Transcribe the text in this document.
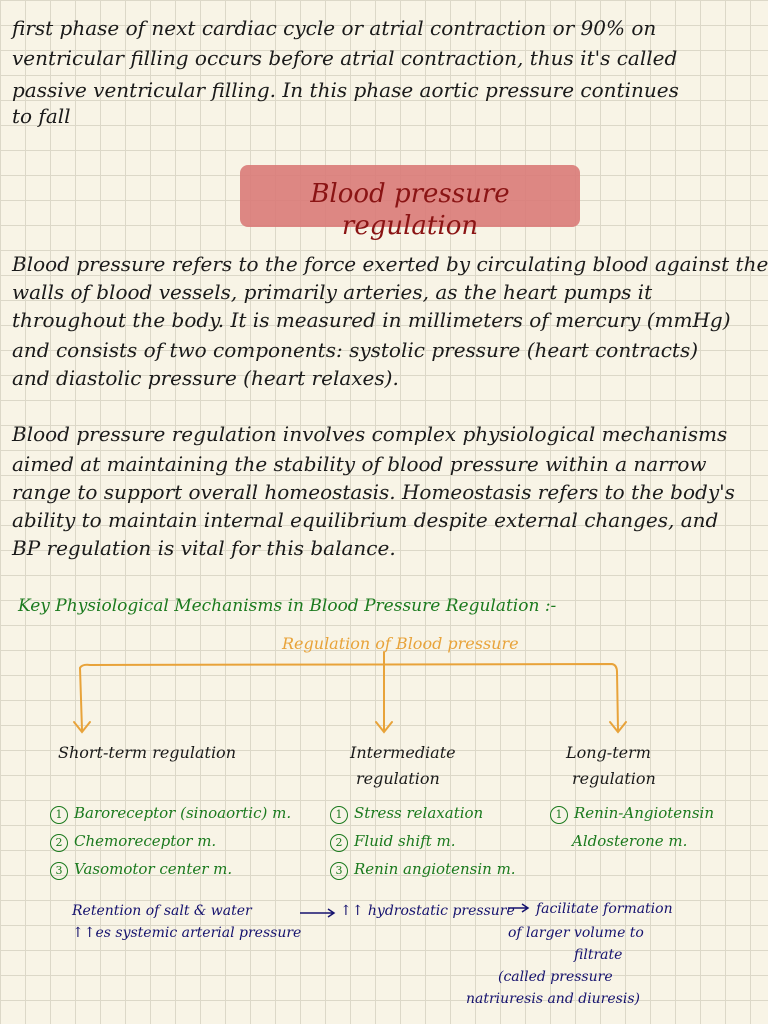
first phase of next cardiac cycle or atrial contraction or 90% on
ventricular filling occurs before atrial contraction, thus it's called
passive ventricular filling. In this phase aortic pressure continues
to fall
Blood pressure regulation
Blood pressure refers to the force exerted by circulating blood against the
walls of blood vessels, primarily arteries, as the heart pumps it
throughout the body. It is measured in millimeters of mercury (mmHg)
and consists of two components: systolic pressure (heart contracts)
and diastolic pressure (heart relaxes).
Blood pressure regulation involves complex physiological mechanisms
aimed at maintaining the stability of blood pressure within a narrow
range to support overall homeostasis. Homeostasis refers to the body's
ability to maintain internal equilibrium despite external changes, and
BP regulation is vital for this balance.
Key Physiological Mechanisms in Blood Pressure Regulation :-
Regulation of Blood pressure
Short-term regulation
1 Baroreceptor (sinoaortic) m.
2 Chemoreceptor m.
3 Vasomotor center m.
Intermediate
regulation
1 Stress relaxation
2 Fluid shift m.
3 Renin angiotensin m.
Long-term
regulation
1 Renin-Angiotensin
Aldosterone m.
Retention of salt & water
↑↑es systemic arterial pressure
↑↑ hydrostatic pressure facilitate formation
of larger volume to
filtrate
(called pressure
natriuresis and diuresis)
